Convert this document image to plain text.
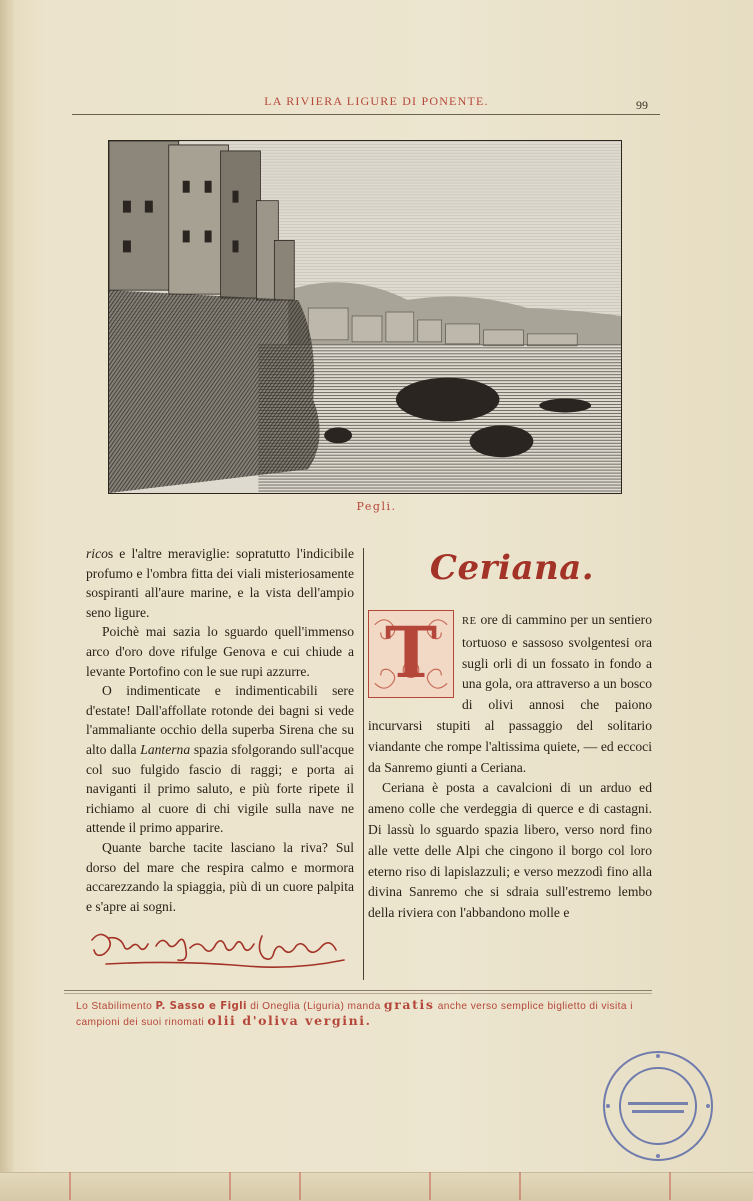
LA RIVIERA LIGURE DI PONENTE.	99
Pegli.

ricos e l'altre meraviglie: sopratutto l'indicibile profumo e l'ombra fitta dei viali misteriosamente sospiranti all'aure marine, e la vista dell'ampio seno ligure.

Poichè mai sazia lo sguardo quell'immenso arco d'oro dove rifulge Genova e cui chiude a levante Portofino con le sue rupi azzurre.

O indimenticate e indimenticabili sere d'estate! Dall'affollate rotonde dei bagni si vede l'ammaliante occhio della superba Sirena che su alto dalla Lanterna spazia sfolgorando sull'acque col suo fulgido fascio di raggi; e porta ai naviganti il primo saluto, e più forte ripete il richiamo al cuore di chi vigile sulla nave ne attende il primo apparire.

Quante barche tacite lasciano la riva? Sul dorso del mare che respira calmo e mormora accarezzando la spiaggia, più di un cuore palpita e s'apre ai sogni.

Ceriana.

T	RE ore di cammino per un sentiero tortuoso e sassoso svolgentesi ora sugli orli di un fossato in fondo a una gola, ora attraverso a un bosco di olivi annosi che paiono incurvarsi stupiti al passaggio del solitario viandante che rompe l'altissima quiete, — ed eccoci da Sanremo giunti a Ceriana.

Ceriana è posta a cavalcioni di un arduo ed ameno colle che verdeggia di querce e di castagni. Di lassù lo sguardo spazia libero, verso nord fino alle vette delle Alpi che cingono il borgo col loro eterno riso di lapislazzuli; e verso mezzodì fino alla divina Sanremo che si sdraia sull'estremo lembo della riviera con l'abbandono molle e

Lo Stabilimento P. Sasso e Figli di Oneglia (Liguria) manda gratis anche verso semplice biglietto di visita i campioni dei suoi rinomati olii d'oliva vergini.
